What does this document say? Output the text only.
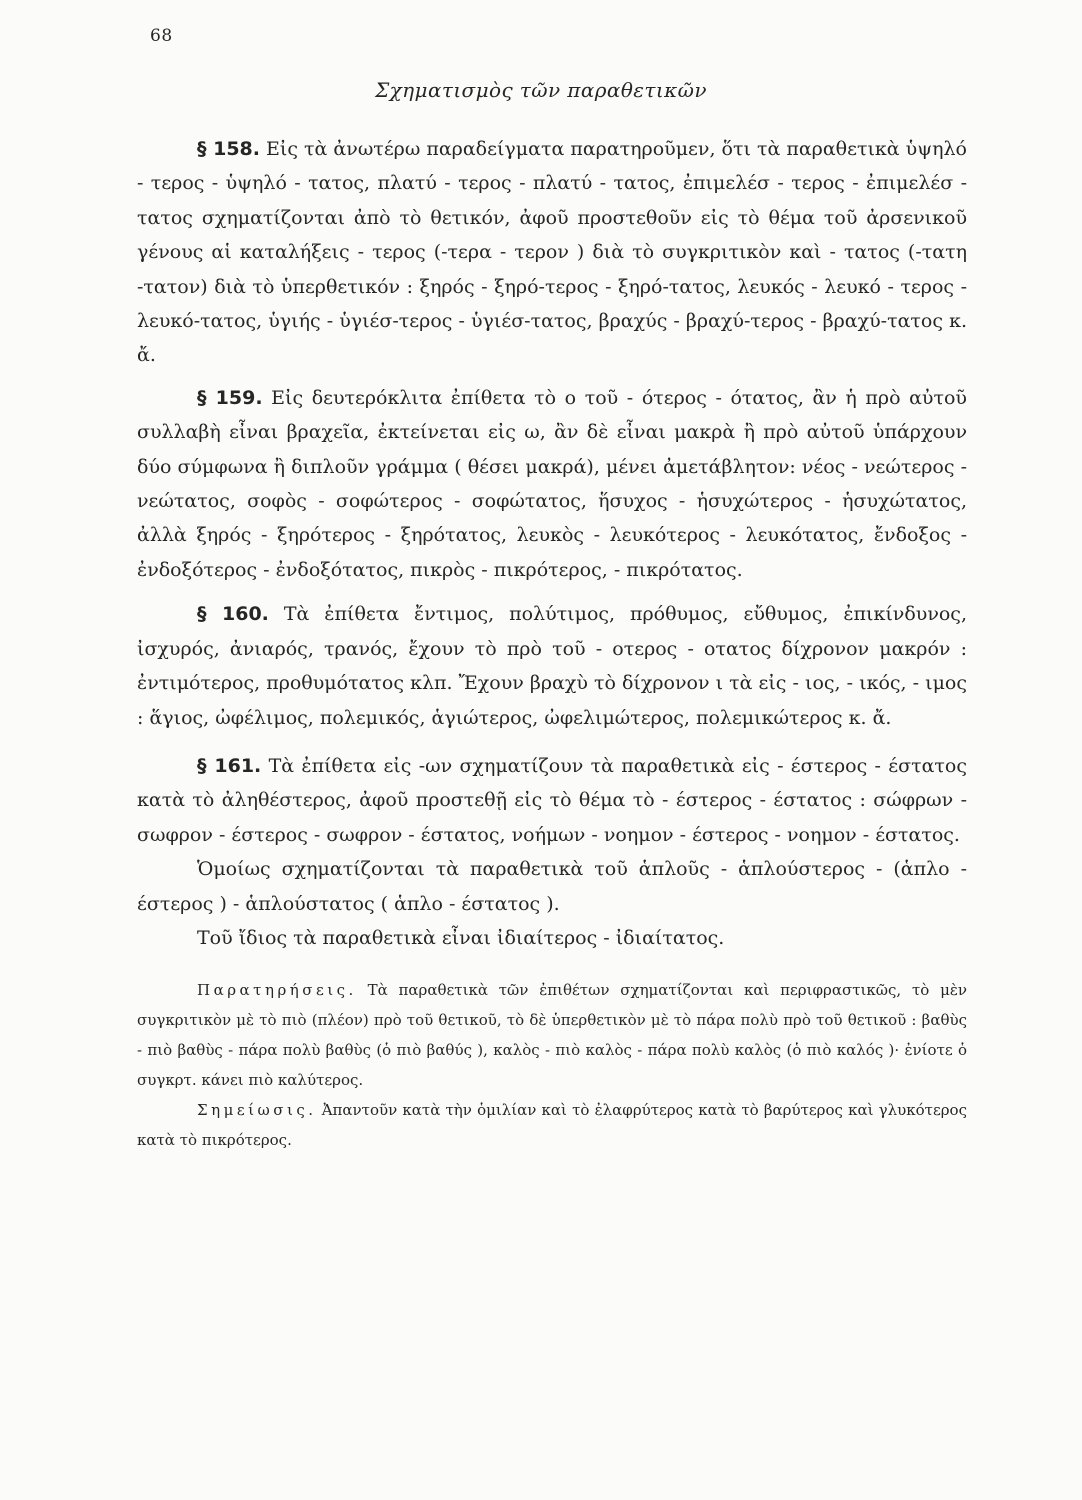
68
Σχηματισμὸς τῶν παραθετικῶν

§ 158. Εἰς τὰ ἀνωτέρω παραδείγματα παρατηροῦμεν, ὅτι τὰ παραθετικὰ ὑψηλό - τερος - ὑψηλό - τατος, πλατύ - τερος - πλατύ - τατος, ἐπιμελέσ - τερος - ἐπιμελέσ - τατος σχηματίζονται ἀπὸ τὸ θετικόν, ἀφοῦ προστεθοῦν εἰς τὸ θέμα τοῦ ἀρσενικοῦ γένους αἱ καταλήξεις - τερος (-τερα - τερον ) διὰ τὸ συγκριτικὸν καὶ - τατος (-τατη -τατον) διὰ τὸ ὑπερθετικόν : ξηρός - ξηρό-τερος - ξηρό-τατος, λευκός - λευκό - τερος - λευκό-τατος, ὑγιής - ὑγιέσ-τερος - ὑγιέσ-τατος, βραχύς - βραχύ-τερος - βραχύ-τατος κ. ἄ.

§ 159. Εἰς δευτερόκλιτα ἐπίθετα τὸ ο τοῦ - ότερος - ότατος, ἂν ἡ πρὸ αὐτοῦ συλλαβὴ εἶναι βραχεῖα, ἐκτείνεται εἰς ω, ἂν δὲ εἶναι μακρὰ ἢ πρὸ αὐτοῦ ὑπάρχουν δύο σύμφωνα ἢ διπλοῦν γράμμα ( θέσει μακρά), μένει ἀμετάβλητον: νέος - νεώτερος - νεώτατος, σοφὸς - σοφώτερος - σοφώτατος, ἥσυχος - ἡσυχώτερος - ἡσυχώτατος, ἀλλὰ ξηρός - ξηρότερος - ξηρότατος, λευκὸς - λευκότερος - λευκότατος, ἔνδοξος - ἐνδοξότερος - ἐνδοξότατος, πικρὸς - πικρότερος, - πικρότατος.

§ 160. Τὰ ἐπίθετα ἔντιμος, πολύτιμος, πρόθυμος, εὔθυμος, ἐπικίνδυνος, ἰσχυρός, ἀνιαρός, τρανός, ἔχουν τὸ πρὸ τοῦ - οτερος - οτατος δίχρονον μακρόν : ἐντιμότερος, προθυμότατος κλπ. Ἔχουν βραχὺ τὸ δίχρονον ι τὰ εἰς - ιος, - ικός, - ιμος : ἅγιος, ὠφέλιμος, πολεμικός, ἁγιώτερος, ὠφελιμώτερος, πολεμικώτερος κ. ἄ.

§ 161. Τὰ ἐπίθετα εἰς -ων σχηματίζουν τὰ παραθετικὰ εἰς - έστερος - έστατος κατὰ τὸ ἀληθέστερος, ἀφοῦ προστεθῇ εἰς τὸ θέμα τὸ - έστερος - έστατος : σώφρων - σωφρον - έστερος - σωφρον - έστατος, νοήμων - νοημον - έστερος - νοημον - έστατος.

Ὁμοίως σχηματίζονται τὰ παραθετικὰ τοῦ ἁπλοῦς - ἁπλούστερος - (ἁπλο - έστερος ) - ἁπλούστατος ( ἁπλο - έστατος ).

Τοῦ ἴδιος τὰ παραθετικὰ εἶναι ἰδιαίτερος - ἰδιαίτατος.

Παρατηρήσεις. Τὰ παραθετικὰ τῶν ἐπιθέτων σχηματίζονται καὶ περιφραστικῶς, τὸ μὲν συγκριτικὸν μὲ τὸ πιὸ (πλέον) πρὸ τοῦ θετικοῦ, τὸ δὲ ὑπερθετικὸν μὲ τὸ πάρα πολὺ πρὸ τοῦ θετικοῦ : βαθὺς - πιὸ βαθὺς - πάρα πολὺ βαθὺς (ὁ πιὸ βαθύς ), καλὸς - πιὸ καλὸς - πάρα πολὺ καλὸς (ὁ πιὸ καλός )· ἐνίοτε ὁ συγκρτ. κάνει πιὸ καλύτερος.

Σημείωσις. Ἀπαντοῦν κατὰ τὴν ὁμιλίαν καὶ τὸ ἐλαφρύτερος κατὰ τὸ βαρύτερος καὶ γλυκότερος κατὰ τὸ πικρότερος.
